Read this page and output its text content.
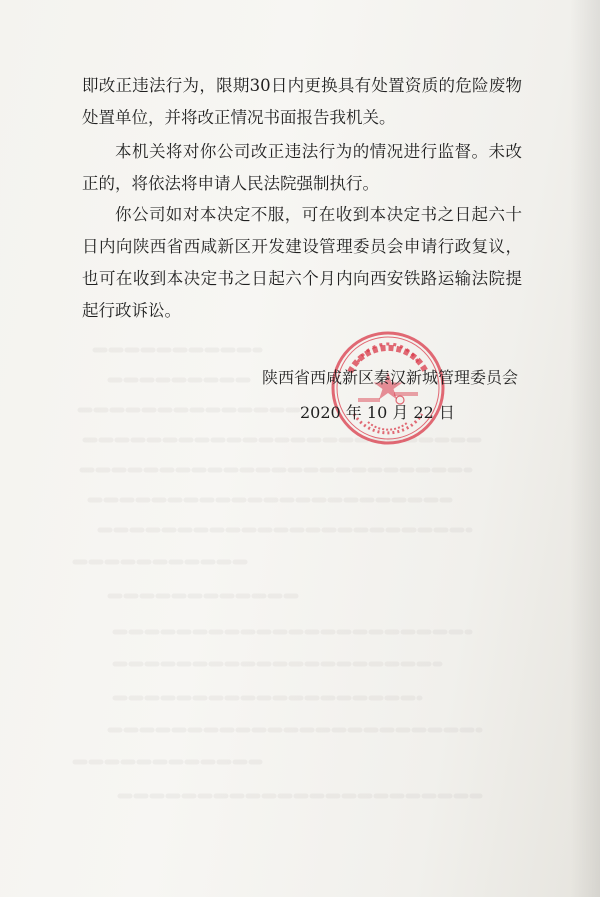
即改正违法行为，限期30日内更换具有处置资质的危险废物处置单位，并将改正情况书面报告我机关。

本机关将对你公司改正违法行为的情况进行监督。未改正的，将依法将申请人民法院强制执行。

你公司如对本决定不服，可在收到本决定书之日起六十日内向陕西省西咸新区开发建设管理委员会申请行政复议，也可在收到本决定书之日起六个月内向西安铁路运输法院提起行政诉讼。

陕西省西咸新区秦汉新城管理委员会
2020 年 10 月 22 日
